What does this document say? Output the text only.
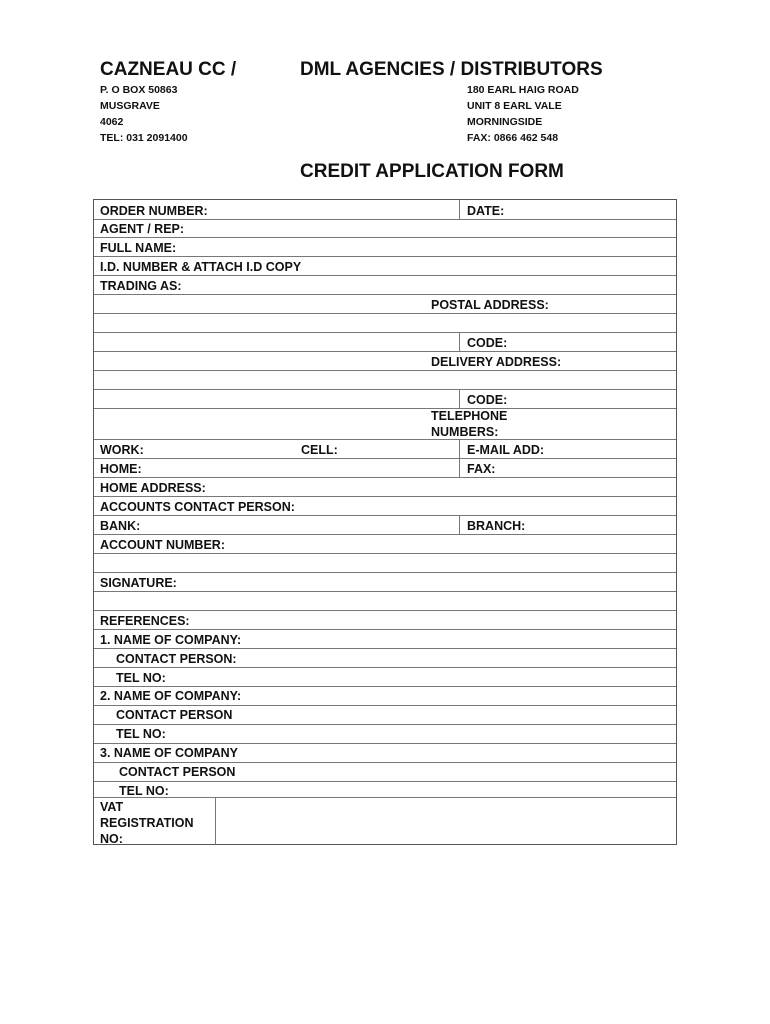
CAZNEAU CC /	DML AGENCIES / DISTRIBUTORS
P. O BOX 50863
MUSGRAVE
4062
TEL: 031 2091400
180 EARL HAIG ROAD
UNIT 8 EARL VALE
MORNINGSIDE
FAX: 0866 462 548
CREDIT APPLICATION FORM
ORDER NUMBER:	DATE:
AGENT / REP:
FULL NAME:
I.D. NUMBER & ATTACH I.D COPY
TRADING AS:
POSTAL ADDRESS:
CODE:
DELIVERY ADDRESS:
CODE:
TELEPHONE
NUMBERS:
WORK:	CELL:	E-MAIL ADD:
HOME:	FAX:
HOME ADDRESS:
ACCOUNTS CONTACT PERSON:
BANK:	BRANCH:
ACCOUNT NUMBER:
SIGNATURE:
REFERENCES:
1. NAME OF COMPANY:
CONTACT PERSON:
TEL NO:
2. NAME OF COMPANY:
CONTACT PERSON
TEL NO:
3. NAME OF COMPANY
CONTACT PERSON
TEL NO:
VAT
REGISTRATION
NO:
